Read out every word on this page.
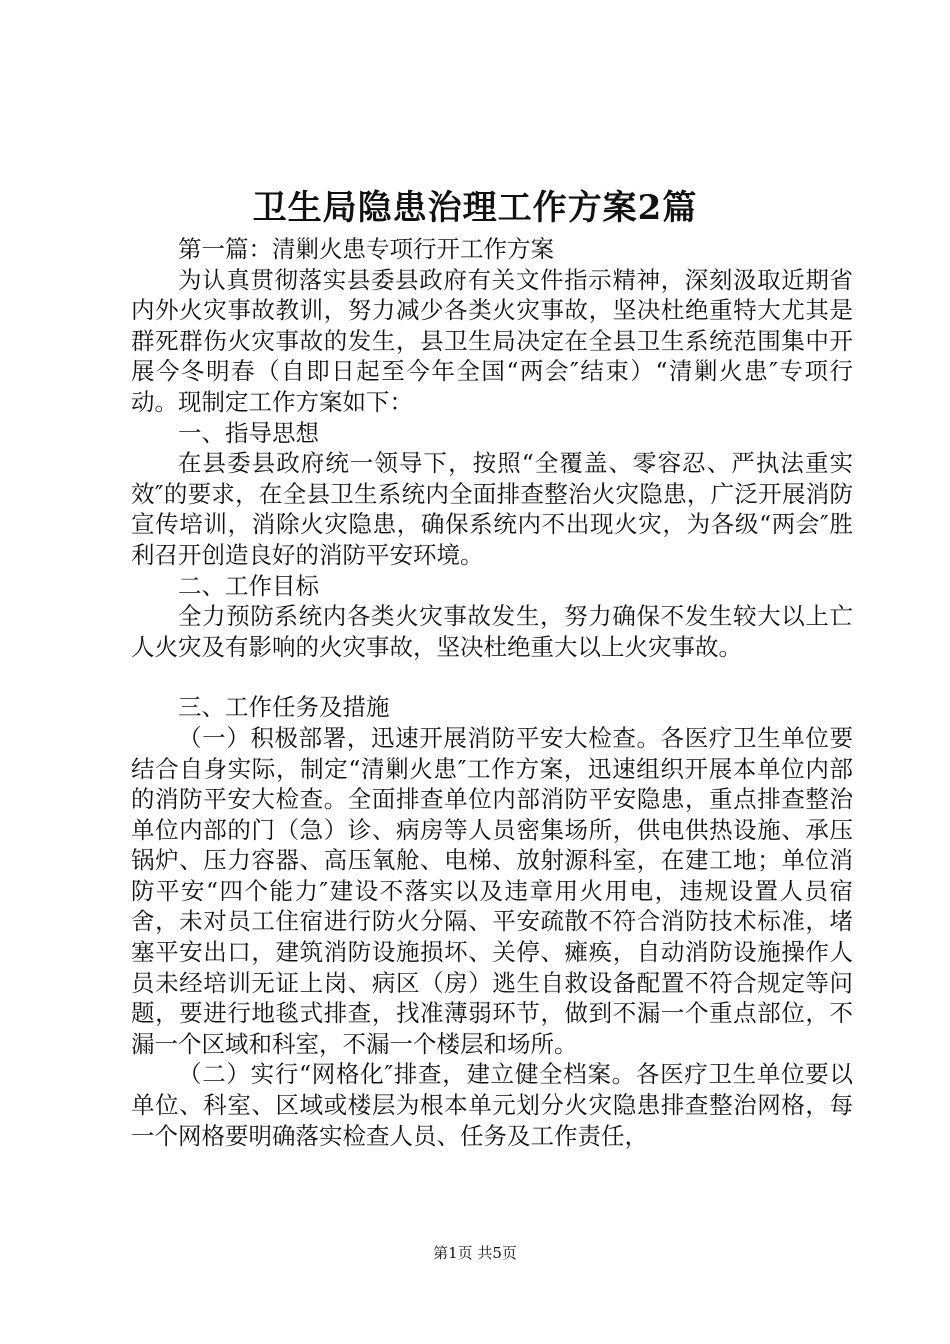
卫生局隐患治理工作方案2篇

第一篇：清剿火患专项行开工作方案

为认真贯彻落实县委县政府有关文件指示精神，深刻汲取近期省内外火灾事故教训，努力减少各类火灾事故，坚决杜绝重特大尤其是群死群伤火灾事故的发生，县卫生局决定在全县卫生系统范围集中开展今冬明春（自即日起至今年全国“两会″结束）“清剿火患″专项行动。现制定工作方案如下：

一、指导思想

在县委县政府统一领导下，按照“全覆盖、零容忍、严执法重实效″的要求，在全县卫生系统内全面排查整治火灾隐患，广泛开展消防宣传培训，消除火灾隐患，确保系统内不出现火灾，为各级“两会″胜利召开创造良好的消防平安环境。

二、工作目标

全力预防系统内各类火灾事故发生，努力确保不发生较大以上亡人火灾及有影响的火灾事故，坚决杜绝重大以上火灾事故。

三、工作任务及措施

（一）积极部署，迅速开展消防平安大检查。各医疗卫生单位要结合自身实际，制定“清剿火患″工作方案，迅速组织开展本单位内部的消防平安大检查。全面排查单位内部消防平安隐患，重点排查整治单位内部的门（急）诊、病房等人员密集场所，供电供热设施、承压锅炉、压力容器、高压氧舱、电梯、放射源科室，在建工地；单位消防平安“四个能力″建设不落实以及违章用火用电，违规设置人员宿舍，未对员工住宿进行防火分隔、平安疏散不符合消防技术标准，堵塞平安出口，建筑消防设施损坏、关停、瘫痪，自动消防设施操作人员未经培训无证上岗、病区（房）逃生自救设备配置不符合规定等问题，要进行地毯式排查，找准薄弱环节，做到不漏一个重点部位，不漏一个区域和科室，不漏一个楼层和场所。

（二）实行“网格化″排查，建立健全档案。各医疗卫生单位要以单位、科室、区域或楼层为根本单元划分火灾隐患排查整治网格，每一个网格要明确落实检查人员、任务及工作责任，

第1页 共5页
